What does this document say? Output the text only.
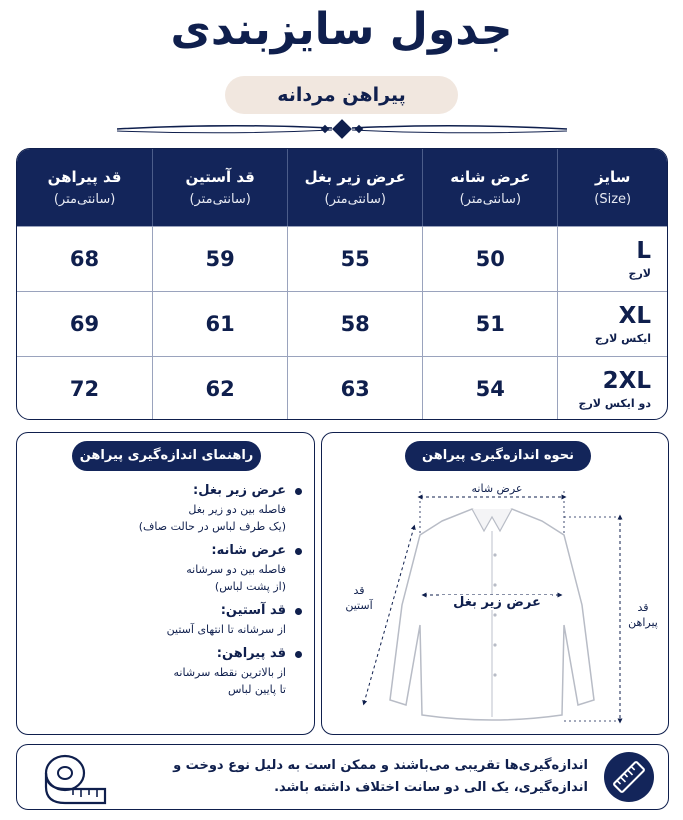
جدول سایزبندی
پیراهن مردانه
سایز
(Size)
عرض شانه
(سانتی‌متر)
عرض زیر بغل
(سانتی‌متر)
قد آستین
(سانتی‌متر)
قد پیراهن
(سانتی‌متر)
L
لارج
50
55
59
68
XL
ایکس لارج
51
58
61
69
2XL
دو ایکس لارج
54
63
62
72
نحوه اندازه‌گیری پیراهن
عرض شانه
عرض زیر بغل
قد
آستین	قد
پیراهن
راهنمای اندازه‌گیری پیراهن
عرض زیر بغل:
فاصله بین دو زیر بغل
(یک طرف لباس در حالت صاف)
عرض شانه:
فاصله بین دو سرشانه
(از پشت لباس)
قد آستین:
از سرشانه تا انتهای آستین
قد پیراهن:
از بالاترین نقطه سرشانه
تا پایین لباس
اندازه‌گیری‌ها تقریبی می‌باشند و ممکن است به دلیل نوع دوخت و اندازه‌گیری، یک الی دو سانت اختلاف داشته باشد.
